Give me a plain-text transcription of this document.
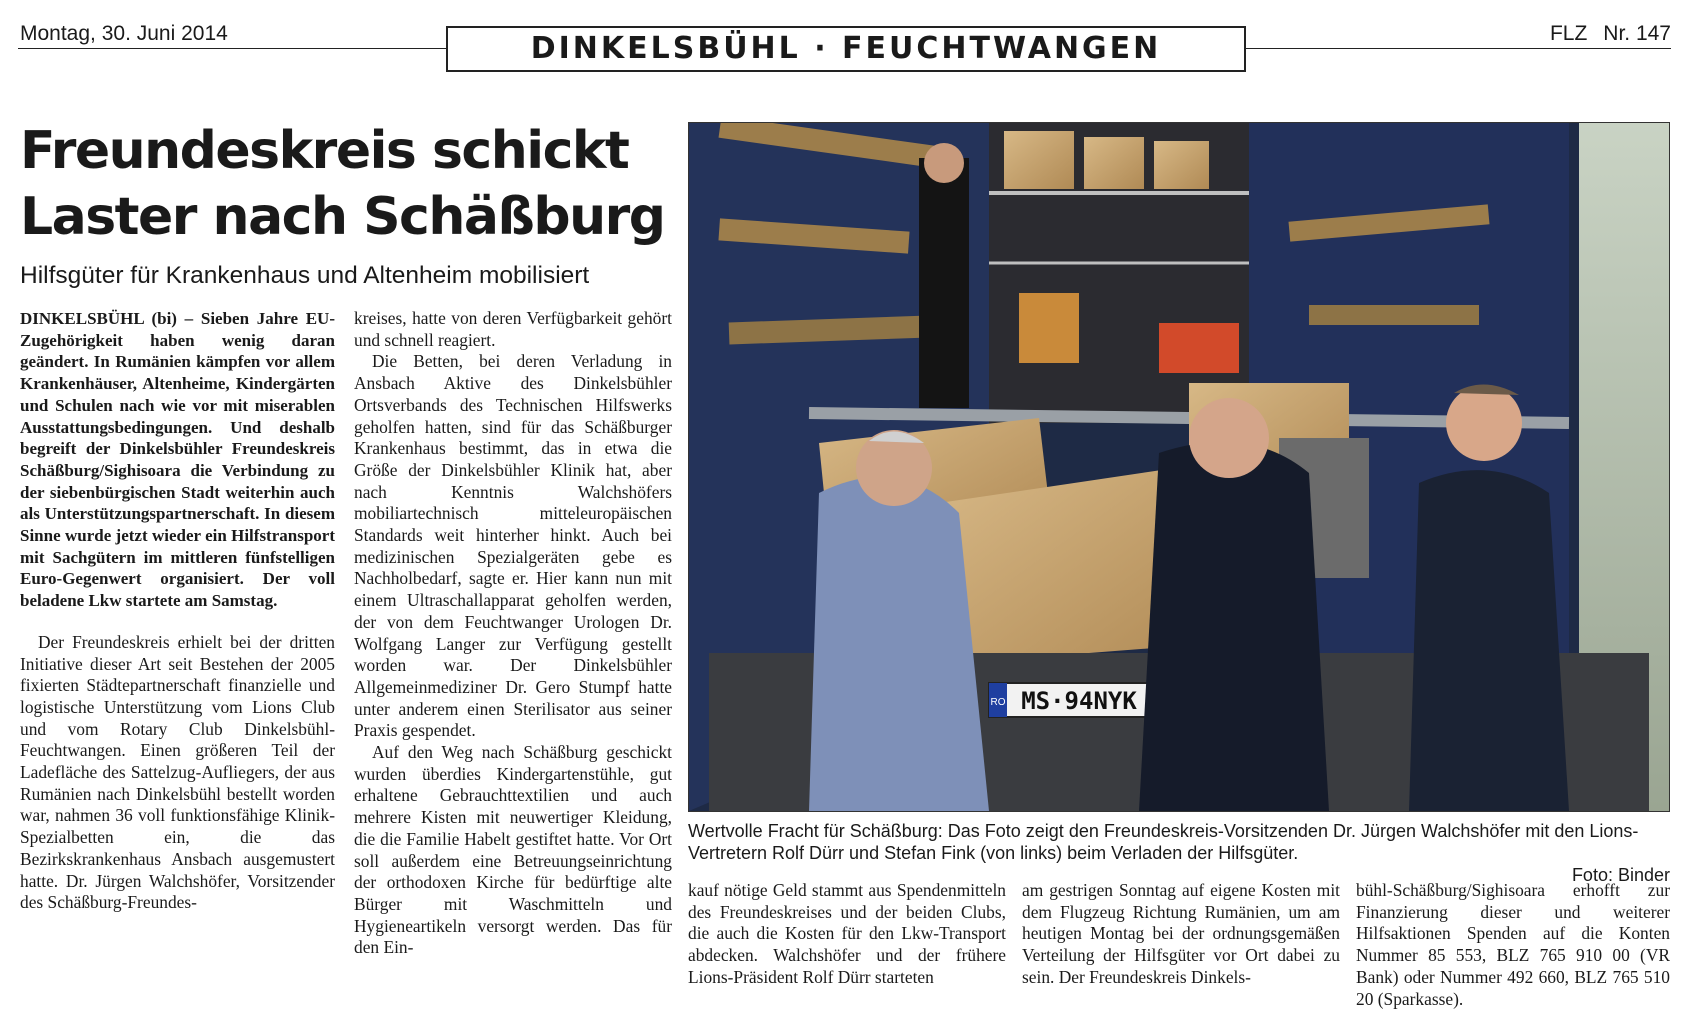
Montag, 30. Juni 2014	DINKELSBÜHL · FEUCHTWANGEN	FLZ Nr. 147
Freundeskreis schickt
Laster nach Schäßburg

Hilfsgüter für Krankenhaus und Altenheim mobilisiert

DINKELSBÜHL (bi) – Sieben Jahre EU-Zugehörigkeit haben wenig daran geändert. In Rumänien kämpfen vor allem Krankenhäuser, Altenheime, Kindergärten und Schulen nach wie vor mit miserablen Ausstattungsbedingungen. Und deshalb begreift der Dinkelsbühler Freundeskreis Schäßburg/Sighisoara die Verbindung zu der siebenbürgischen Stadt weiterhin auch als Unterstützungspartnerschaft. In diesem Sinne wurde jetzt wieder ein Hilfstransport mit Sachgütern im mittleren fünfstelligen Euro-Gegenwert organisiert. Der voll beladene Lkw startete am Samstag.

Der Freundeskreis erhielt bei der dritten Initiative dieser Art seit Bestehen der 2005 fixierten Städtepartnerschaft finanzielle und logistische Unterstützung vom Lions Club und vom Rotary Club Dinkelsbühl-Feuchtwangen. Einen größeren Teil der Ladefläche des Sattelzug-Aufliegers, der aus Rumänien nach Dinkelsbühl bestellt worden war, nahmen 36 voll funktionsfähige Klinik-Spezialbetten ein, die das Bezirkskrankenhaus Ansbach ausgemustert hatte. Dr. Jürgen Walchshöfer, Vorsitzender des Schäßburg-Freundes-

kreises, hatte von deren Verfügbarkeit gehört und schnell reagiert.

Die Betten, bei deren Verladung in Ansbach Aktive des Dinkelsbühler Ortsverbands des Technischen Hilfswerks geholfen hatten, sind für das Schäßburger Krankenhaus bestimmt, das in etwa die Größe der Dinkelsbühler Klinik hat, aber nach Kenntnis Walchshöfers mobiliartechnisch mitteleuropäischen Standards weit hinterher hinkt. Auch bei medizinischen Spezialgeräten gebe es Nachholbedarf, sagte er. Hier kann nun mit einem Ultraschallapparat geholfen werden, der von dem Feuchtwanger Urologen Dr. Wolfgang Langer zur Verfügung gestellt worden war. Der Dinkelsbühler Allgemeinmediziner Dr. Gero Stumpf hatte unter anderem einen Sterilisator aus seiner Praxis gespendet.

Auf den Weg nach Schäßburg geschickt wurden überdies Kindergartenstühle, gut erhaltene Gebrauchttextilien und auch mehrere Kisten mit neuwertiger Kleidung, die die Familie Habelt gestiftet hatte. Vor Ort soll außerdem eine Betreuungseinrichtung der orthodoxen Kirche für bedürftige alte Bürger mit Waschmitteln und Hygieneartikeln versorgt werden. Das für den Ein-

RO MS·94NYK

Wertvolle Fracht für Schäßburg: Das Foto zeigt den Freundeskreis-Vorsitzenden Dr. Jürgen Walchshöfer mit den Lions-Vertretern Rolf Dürr und Stefan Fink (von links) beim Verladen der Hilfsgüter.
Foto: Binder

kauf nötige Geld stammt aus Spendenmitteln des Freundeskreises und der beiden Clubs, die auch die Kosten für den Lkw-Transport abdecken. Walchshöfer und der frühere Lions-Präsident Rolf Dürr starteten

am gestrigen Sonntag auf eigene Kosten mit dem Flugzeug Richtung Rumänien, um am heutigen Montag bei der ordnungsgemäßen Verteilung der Hilfsgüter vor Ort dabei zu sein. Der Freundeskreis Dinkels-

bühl-Schäßburg/Sighisoara erhofft zur Finanzierung dieser und weiterer Hilfsaktionen Spenden auf die Konten Nummer 85 553, BLZ 765 910 00 (VR Bank) oder Nummer 492 660, BLZ 765 510 20 (Sparkasse).
